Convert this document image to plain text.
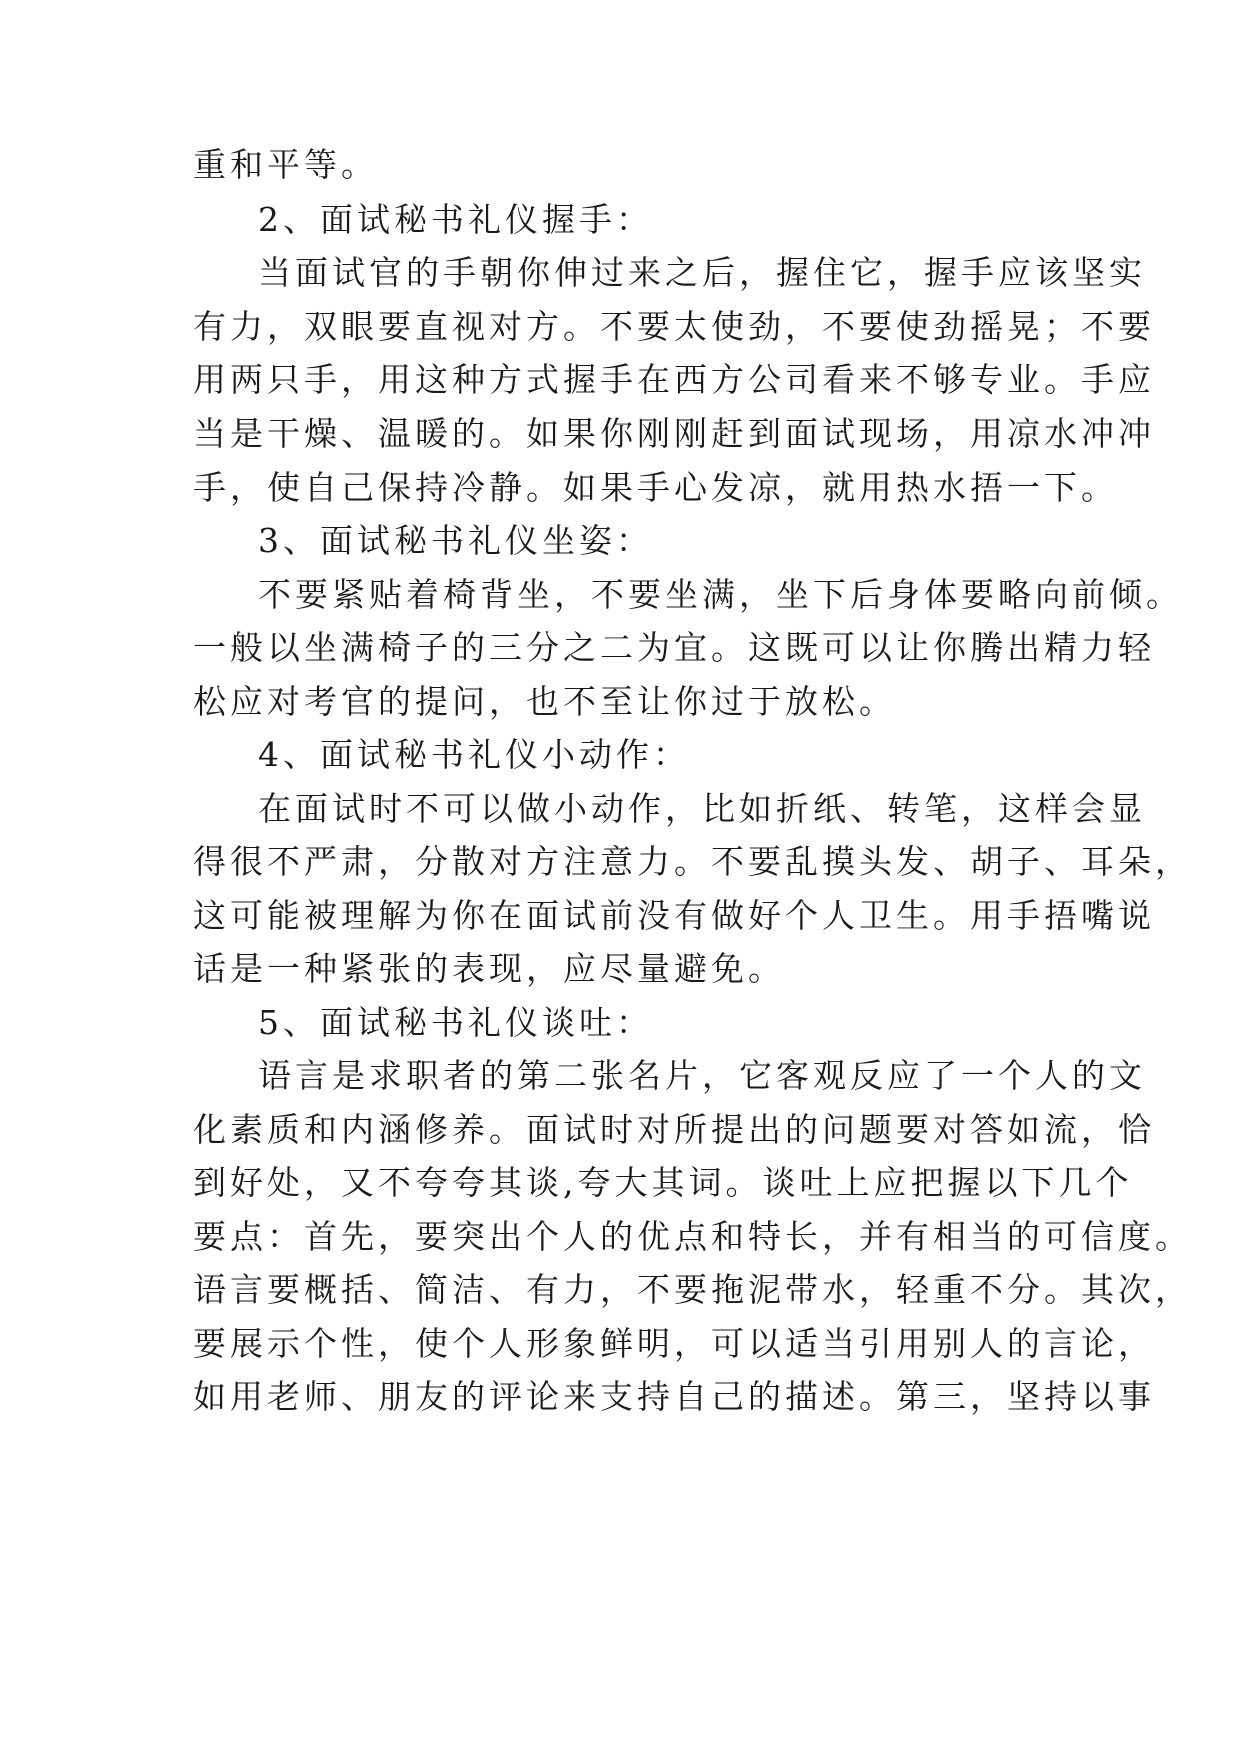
重和平等。
2、面试秘书礼仪握手：
当面试官的手朝你伸过来之后，握住它，握手应该坚实
有力，双眼要直视对方。不要太使劲，不要使劲摇晃；不要
用两只手，用这种方式握手在西方公司看来不够专业。手应
当是干燥、温暖的。如果你刚刚赶到面试现场，用凉水冲冲
手，使自己保持冷静。如果手心发凉，就用热水捂一下。
3、面试秘书礼仪坐姿：
不要紧贴着椅背坐，不要坐满，坐下后身体要略向前倾。
一般以坐满椅子的三分之二为宜。这既可以让你腾出精力轻
松应对考官的提问，也不至让你过于放松。
4、面试秘书礼仪小动作：
在面试时不可以做小动作，比如折纸、转笔，这样会显
得很不严肃，分散对方注意力。不要乱摸头发、胡子、耳朵，
这可能被理解为你在面试前没有做好个人卫生。用手捂嘴说
话是一种紧张的表现，应尽量避免。
5、面试秘书礼仪谈吐：
语言是求职者的第二张名片，它客观反应了一个人的文
化素质和内涵修养。面试时对所提出的问题要对答如流，恰
到好处，又不夸夸其谈,夸大其词。谈吐上应把握以下几个
要点：首先，要突出个人的优点和特长，并有相当的可信度。
语言要概括、简洁、有力，不要拖泥带水，轻重不分。其次，
要展示个性，使个人形象鲜明，可以适当引用别人的言论，
如用老师、朋友的评论来支持自己的描述。第三，坚持以事
